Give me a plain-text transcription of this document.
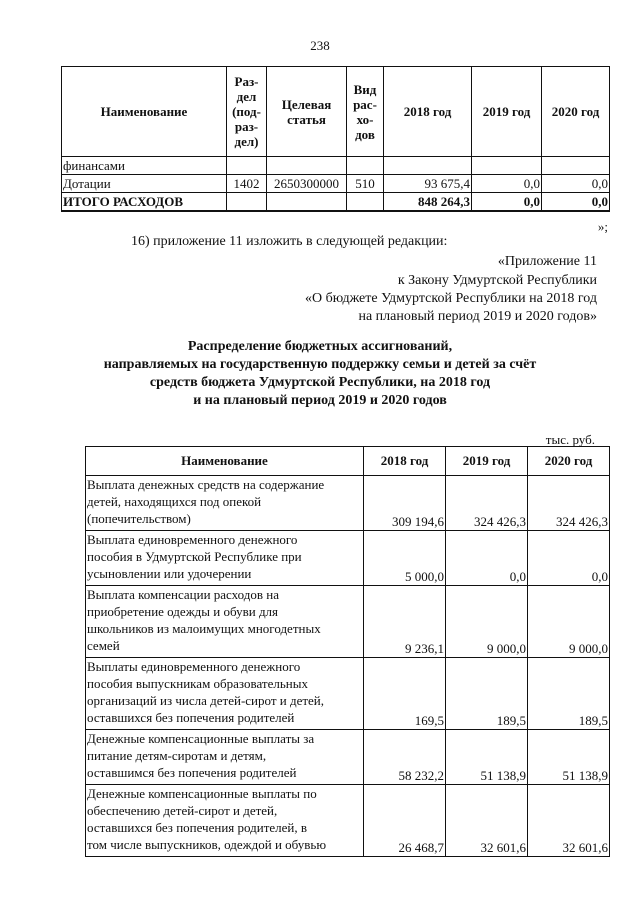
238
Наименование	Раз-
дел
(под-
раз-
дел)	Целевая
статья	Вид
рас-
хо-
дов	2018 год	2019 год	2020 год
финансами						
Дотации	1402	2650300000	510	93 675,4	0,0	0,0
ИТОГО РАСХОДОВ				848 264,3	0,0	0,0
»;
16) приложение 11 изложить в следующей редакции:
«Приложение 11
к Закону Удмуртской Республики
«О бюджете Удмуртской Республики на 2018 год
на плановый период 2019 и 2020 годов»
Распределение бюджетных ассигнований,
направляемых на государственную поддержку семьи и детей за счёт
средств бюджета Удмуртской Республики, на 2018 год
и на плановый период 2019 и 2020 годов
тыс. руб.
Наименование	2018 год	2019 год	2020 год
Выплата денежных средств на содержание
детей, находящихся под опекой
(попечительством)	309 194,6	324 426,3	324 426,3
Выплата единовременного денежного
пособия в Удмуртской Республике при
усыновлении или удочерении	5 000,0	0,0	0,0
Выплата компенсации расходов на
приобретение одежды и обуви для
школьников из малоимущих многодетных
семей	9 236,1	9 000,0	9 000,0
Выплаты единовременного денежного
пособия выпускникам образовательных
организаций из числа детей-сирот и детей,
оставшихся без попечения родителей	169,5	189,5	189,5
Денежные компенсационные выплаты за
питание детям-сиротам и детям,
оставшимся без попечения родителей	58 232,2	51 138,9	51 138,9
Денежные компенсационные выплаты по
обеспечению детей-сирот и детей,
оставшихся без попечения родителей, в
том числе выпускников, одеждой и обувью	26 468,7	32 601,6	32 601,6
